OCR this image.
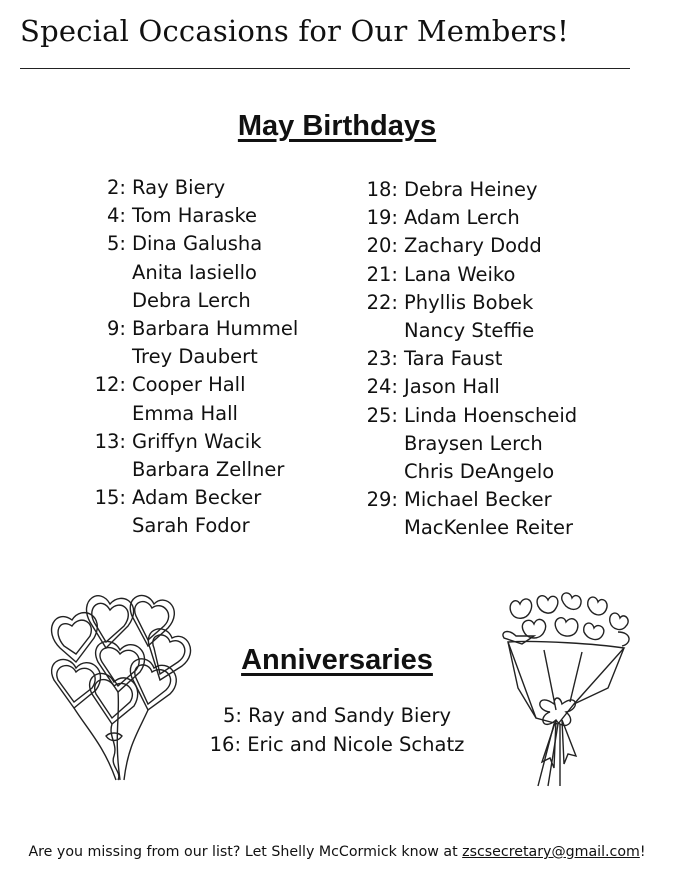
Special Occasions for Our Members!
May Birthdays
2: Ray Biery
4: Tom Haraske
5: Dina Galusha
Anita Iasiello
Debra Lerch
9: Barbara Hummel
Trey Daubert
12: Cooper Hall
Emma Hall
13: Griffyn Wacik
Barbara Zellner
15: Adam Becker
Sarah Fodor
18: Debra Heiney
19: Adam Lerch
20: Zachary Dodd
21: Lana Weiko
22: Phyllis Bobek
Nancy Steffie
23: Tara Faust
24: Jason Hall
25: Linda Hoenscheid
Braysen Lerch
Chris DeAngelo
29: Michael Becker
MacKenlee Reiter
Anniversaries
5: Ray and Sandy Biery
16: Eric and Nicole Schatz
Are you missing from our list? Let Shelly McCormick know at zscsecretary@gmail.com!
